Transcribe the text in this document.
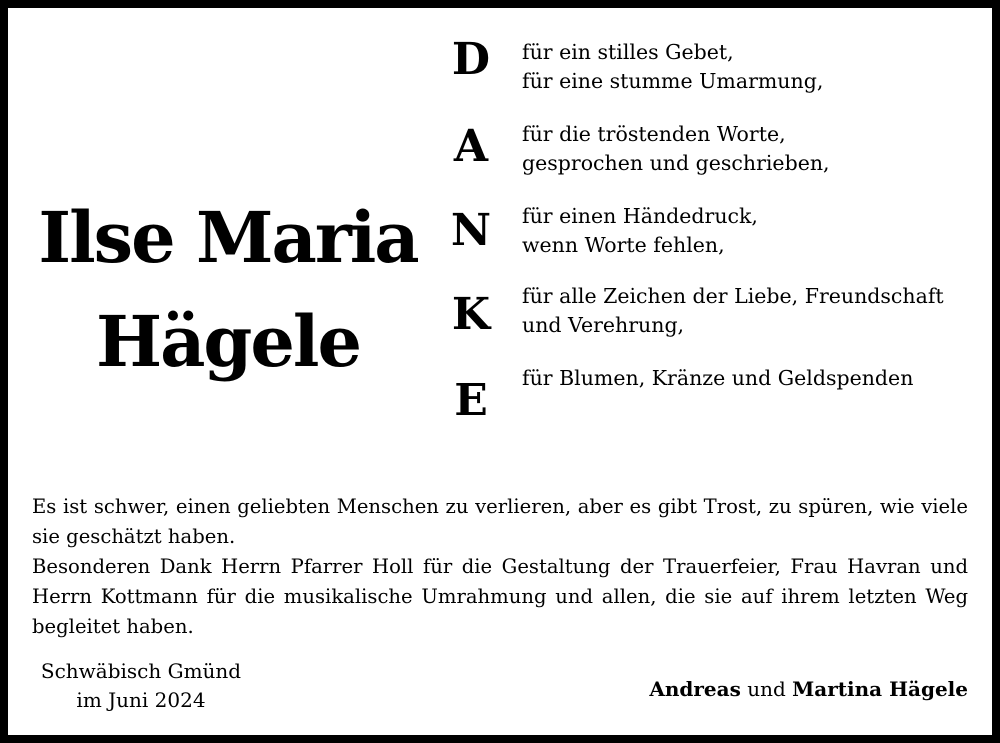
Ilse Maria
Hägele
D
A
N
K
E
für ein stilles Gebet,
für eine stumme Umarmung,
für die tröstenden Worte,
gesprochen und geschrieben,
für einen Händedruck,
wenn Worte fehlen,
für alle Zeichen der Liebe, Freundschaft
und Verehrung,
für Blumen, Kränze und Geldspenden

Es ist schwer, einen geliebten Menschen zu verlieren, aber es gibt Trost, zu spüren, wie viele sie geschätzt haben.

Besonderen Dank Herrn Pfarrer Holl für die Gestaltung der Trauerfeier, Frau Havran und Herrn Kottmann für die musikalische Umrahmung und allen, die sie auf ihrem letzten Weg begleitet haben.

Schwäbisch Gmünd
im Juni 2024	Andreas und Martina Hägele
